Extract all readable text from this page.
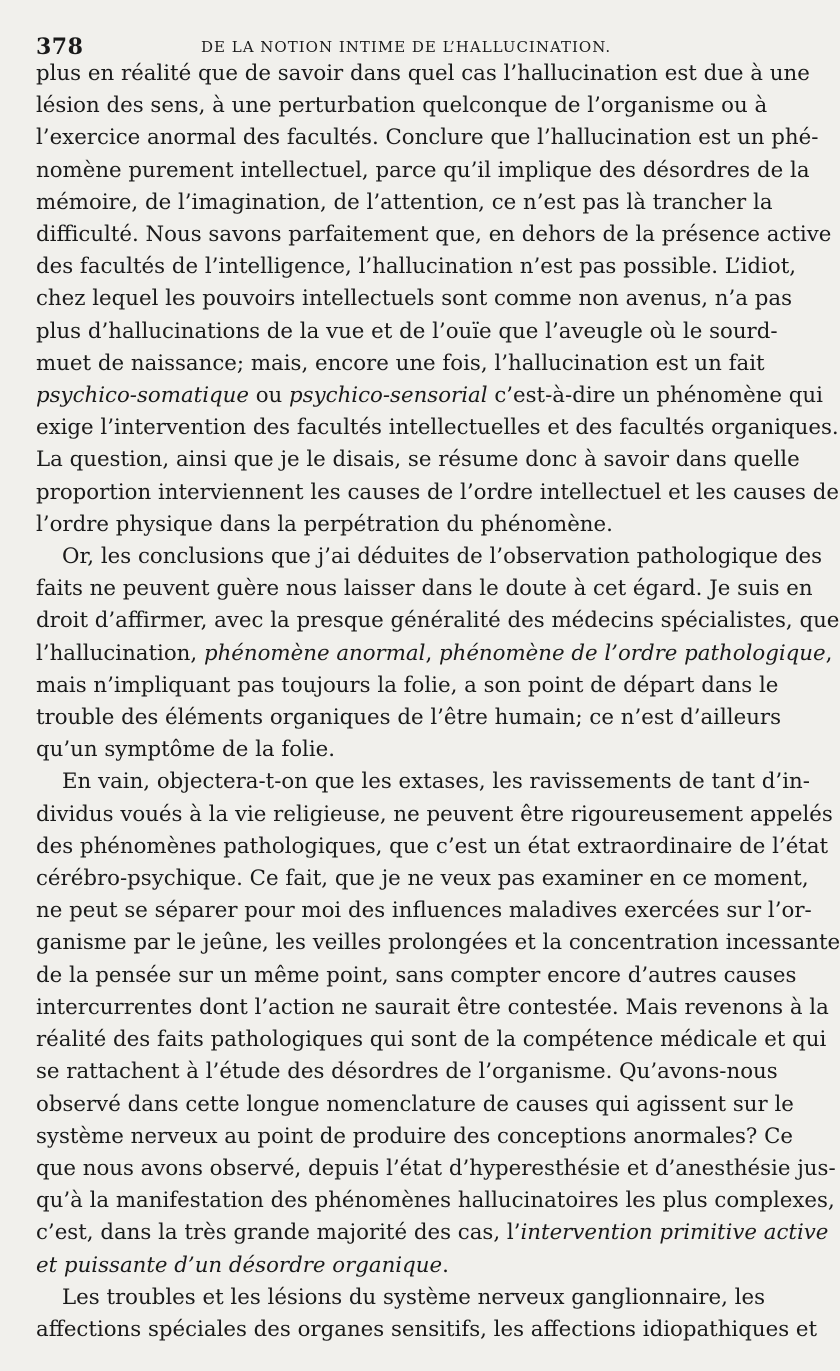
378	DE LA NOTION INTIME DE L’HALLUCINATION.
plus en réalité que de savoir dans quel cas l’hallucination est due à une
lésion des sens, à une perturbation quelconque de l’organisme ou à
l’exercice anormal des facultés. Conclure que l’hallucination est un phé-
nomène purement intellectuel, parce qu’il implique des désordres de la
mémoire, de l’imagination, de l’attention, ce n’est pas là trancher la
difficulté. Nous savons parfaitement que, en dehors de la présence active
des facultés de l’intelligence, l’hallucination n’est pas possible. L’idiot,
chez lequel les pouvoirs intellectuels sont comme non avenus, n’a pas
plus d’hallucinations de la vue et de l’ouïe que l’aveugle où le sourd-
muet de naissance; mais, encore une fois, l’hallucination est un fait
psychico-somatique ou psychico-sensorial c’est-à-dire un phénomène qui
exige l’intervention des facultés intellectuelles et des facultés organiques.
La question, ainsi que je le disais, se résume donc à savoir dans quelle
proportion interviennent les causes de l’ordre intellectuel et les causes de
l’ordre physique dans la perpétration du phénomène.
Or, les conclusions que j’ai déduites de l’observation pathologique des
faits ne peuvent guère nous laisser dans le doute à cet égard. Je suis en
droit d’affirmer, avec la presque généralité des médecins spécialistes, que
l’hallucination, phénomène anormal, phénomène de l’ordre pathologique,
mais n’impliquant pas toujours la folie, a son point de départ dans le
trouble des éléments organiques de l’être humain; ce n’est d’ailleurs
qu’un symptôme de la folie.
En vain, objectera-t-on que les extases, les ravissements de tant d’in-
dividus voués à la vie religieuse, ne peuvent être rigoureusement appelés
des phénomènes pathologiques, que c’est un état extraordinaire de l’état
cérébro-psychique. Ce fait, que je ne veux pas examiner en ce moment,
ne peut se séparer pour moi des influences maladives exercées sur l’or-
ganisme par le jeûne, les veilles prolongées et la concentration incessante
de la pensée sur un même point, sans compter encore d’autres causes
intercurrentes dont l’action ne saurait être contestée. Mais revenons à la
réalité des faits pathologiques qui sont de la compétence médicale et qui
se rattachent à l’étude des désordres de l’organisme. Qu’avons-nous
observé dans cette longue nomenclature de causes qui agissent sur le
système nerveux au point de produire des conceptions anormales? Ce
que nous avons observé, depuis l’état d’hyperesthésie et d’anesthésie jus-
qu’à la manifestation des phénomènes hallucinatoires les plus complexes,
c’est, dans la très grande majorité des cas, l’intervention primitive active
et puissante d’un désordre organique.
Les troubles et les lésions du système nerveux ganglionnaire, les
affections spéciales des organes sensitifs, les affections idiopathiques et
